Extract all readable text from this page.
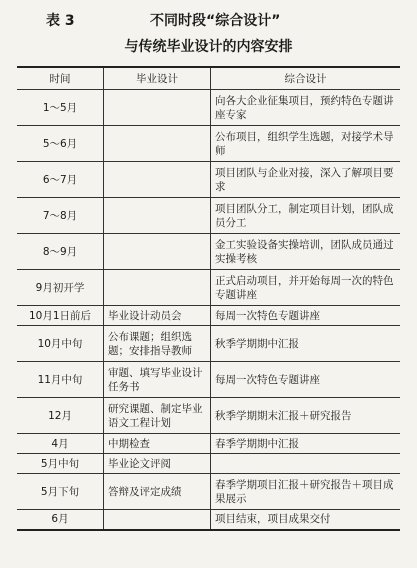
表 3	不同时段“综合设计”
与传统毕业设计的内容安排
时间	毕业设计	综合设计
1～5月		向各大企业征集项目，预约特色专题讲座专家
5～6月		公布项目，组织学生选题，对接学术导师
6～7月		项目团队与企业对接，深入了解项目要求
7～8月		项目团队分工，制定项目计划，团队成员分工
8～9月		金工实验设备实操培训，团队成员通过实操考核
9月初开学		正式启动项目，并开始每周一次的特色专题讲座
10月1日前后	毕业设计动员会	每周一次特色专题讲座
10月中旬	公布课题；组织选题；安排指导教师	秋季学期期中汇报
11月中旬	审题、填写毕业设计任务书	每周一次特色专题讲座
12月	研究课题、制定毕业语文工程计划	秋季学期期末汇报＋研究报告
4月	中期检查	春季学期期中汇报
5月中旬	毕业论文评阅	
5月下旬	答辩及评定成绩	春季学期项目汇报＋研究报告＋项目成果展示
6月		项目结束，项目成果交付
